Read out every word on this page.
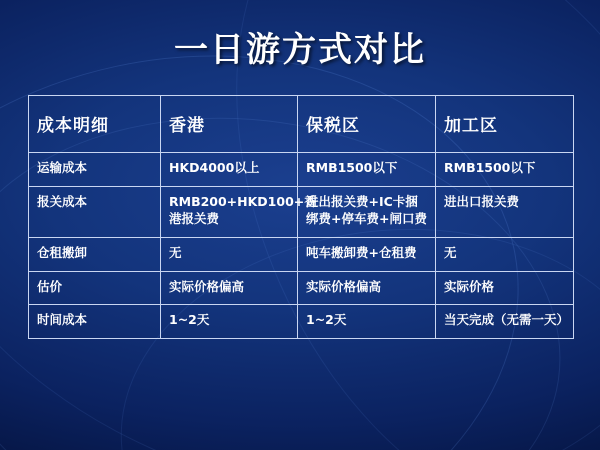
一日游方式对比
成本明细	香港	保税区	加工区
运输成本	HKD4000以上	RMB1500以下	RMB1500以下
报关成本	RMB200+HKD100+香港报关费	进出报关费+IC卡捆绑费+停车费+闸口费	进出口报关费
仓租搬卸	无	吨车搬卸费+仓租费	无
估价	实际价格偏高	实际价格偏高	实际价格
时间成本	1~2天	1~2天	当天完成（无需一天）
